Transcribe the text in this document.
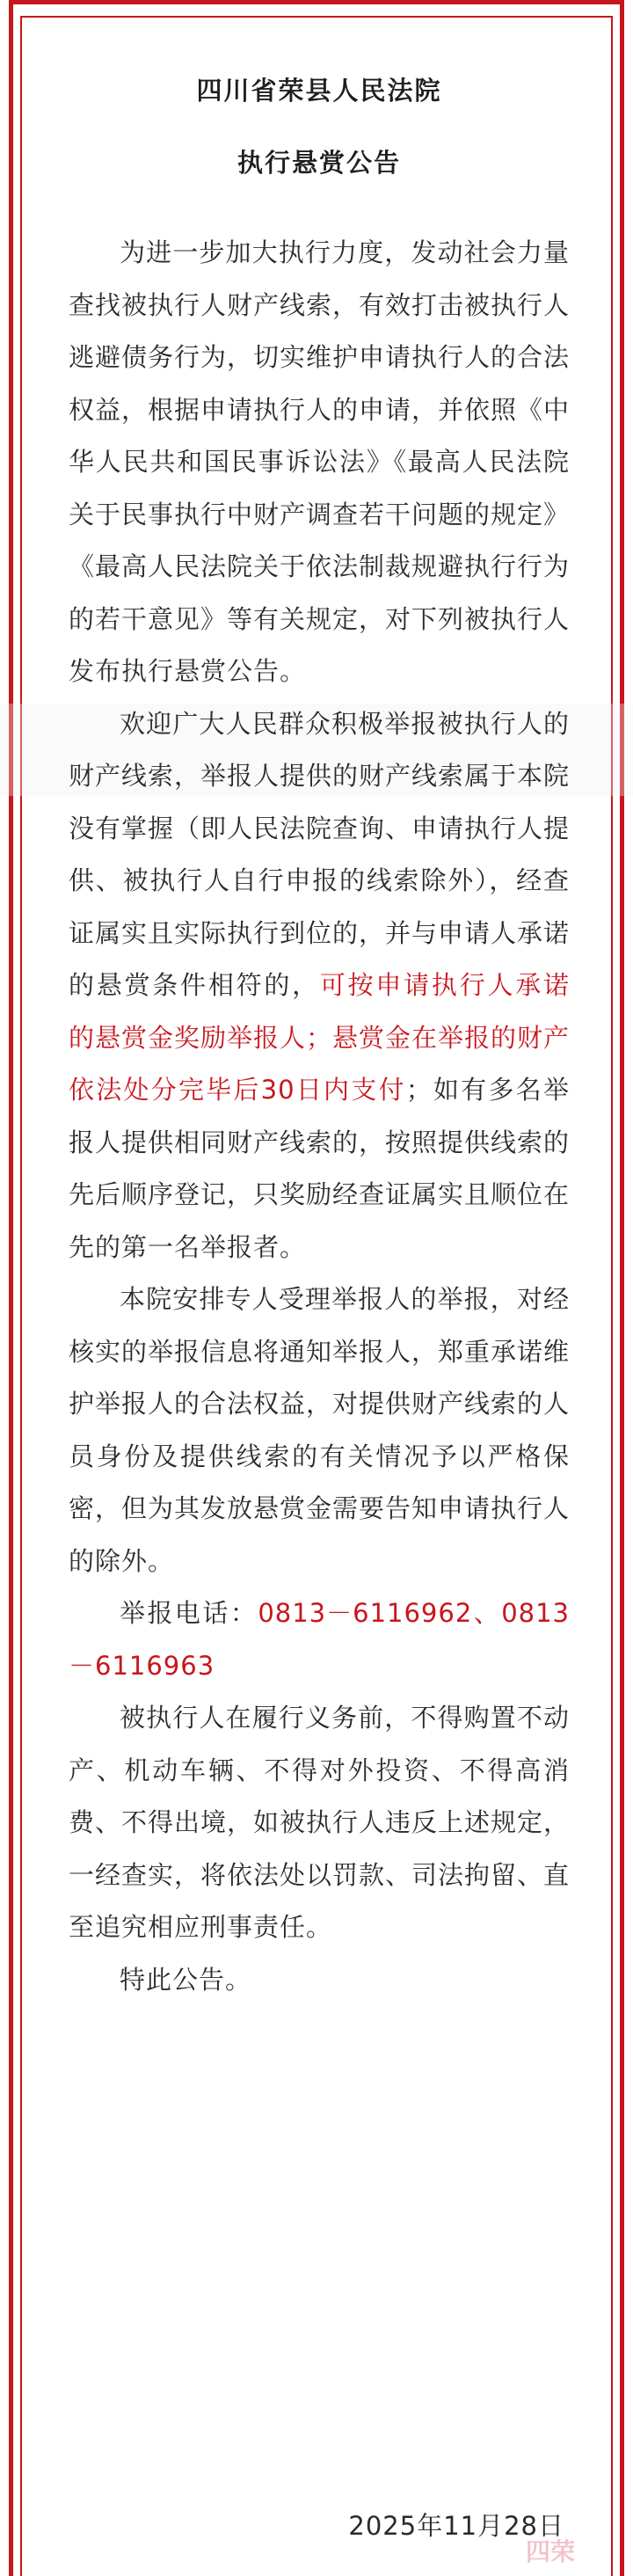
四川省荣县人民法院
执行悬赏公告

为进一步加大执行力度，发动社会力量查找被执行人财产线索，有效打击被执行人逃避债务行为，切实维护申请执行人的合法权益，根据申请执行人的申请，并依照《中华人民共和国民事诉讼法》《最高人民法院关于民事执行中财产调查若干问题的规定》《最高人民法院关于依法制裁规避执行行为的若干意见》等有关规定，对下列被执行人发布执行悬赏公告。

欢迎广大人民群众积极举报被执行人的财产线索，举报人提供的财产线索属于本院没有掌握（即人民法院查询、申请执行人提供、被执行人自行申报的线索除外），经查证属实且实际执行到位的，并与申请人承诺的悬赏条件相符的，可按申请执行人承诺的悬赏金奖励举报人；悬赏金在举报的财产依法处分完毕后30日内支付；如有多名举报人提供相同财产线索的，按照提供线索的先后顺序登记，只奖励经查证属实且顺位在先的第一名举报者。

本院安排专人受理举报人的举报，对经核实的举报信息将通知举报人，郑重承诺维护举报人的合法权益，对提供财产线索的人员身份及提供线索的有关情况予以严格保密，但为其发放悬赏金需要告知申请执行人的除外。

举报电话：0813－6116962、0813－6116963

被执行人在履行义务前，不得购置不动产、机动车辆、不得对外投资、不得高消费、不得出境，如被执行人违反上述规定，一经查实，将依法处以罚款、司法拘留、直至追究相应刑事责任。

特此公告。

2025年11月28日
四荣
